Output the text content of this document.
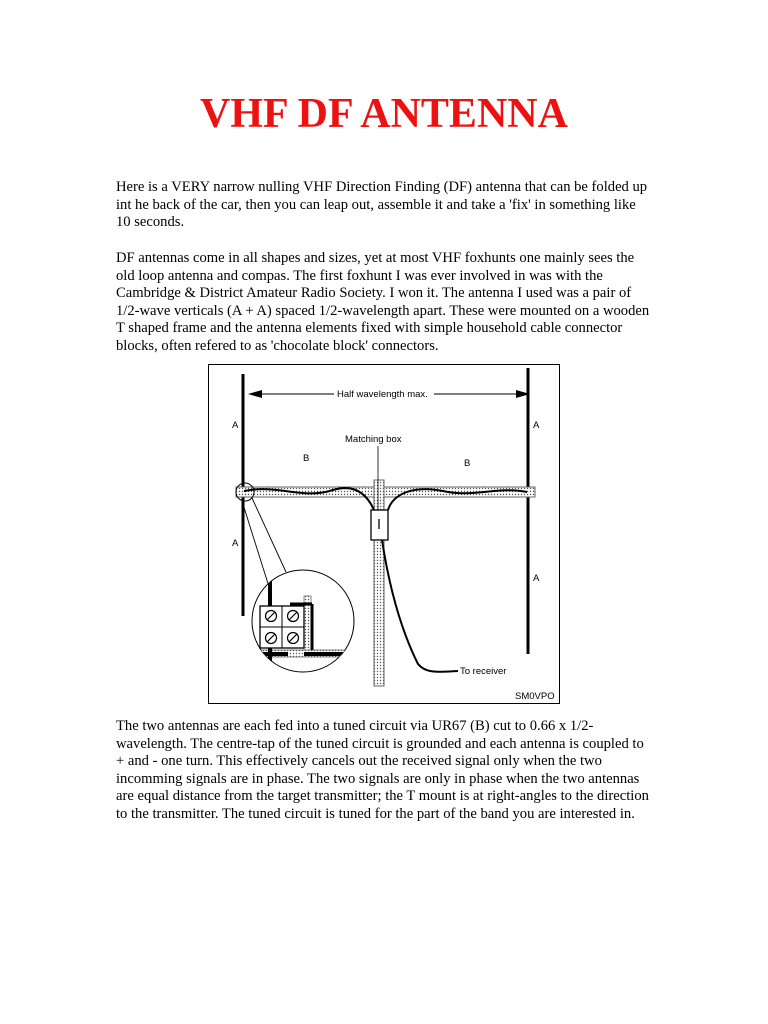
VHF DF ANTENNA

Here is a VERY narrow nulling VHF Direction Finding (DF) antenna that can be folded up int he back of the car, then you can leap out, assemble it and take a 'fix' in something like 10 seconds.

DF antennas come in all shapes and sizes, yet at most VHF foxhunts one mainly sees the old loop antenna and compas. The first foxhunt I was ever involved in was with the Cambridge & District Amateur Radio Society. I won it. The antenna I used was a pair of 1/2-wave verticals (A + A) spaced 1/2-wavelength apart. These were mounted on a wooden T shaped frame and the antenna elements fixed with simple household cable connector blocks, often refered to as 'chocolate block' connectors.

Half wavelength max.
A
A
A
A
B	B
Matching box
To receiver
SM0VPO

The two antennas are each fed into a tuned circuit via UR67 (B) cut to 0.66 x 1/2-wavelength. The centre-tap of the tuned circuit is grounded and each antenna is coupled to + and - one turn. This effectively cancels out the received signal only when the two incomming signals are in phase. The two signals are only in phase when the two antennas are equal distance from the target transmitter; the T mount is at right-angles to the direction to the transmitter. The tuned circuit is tuned for the part of the band you are interested in.
